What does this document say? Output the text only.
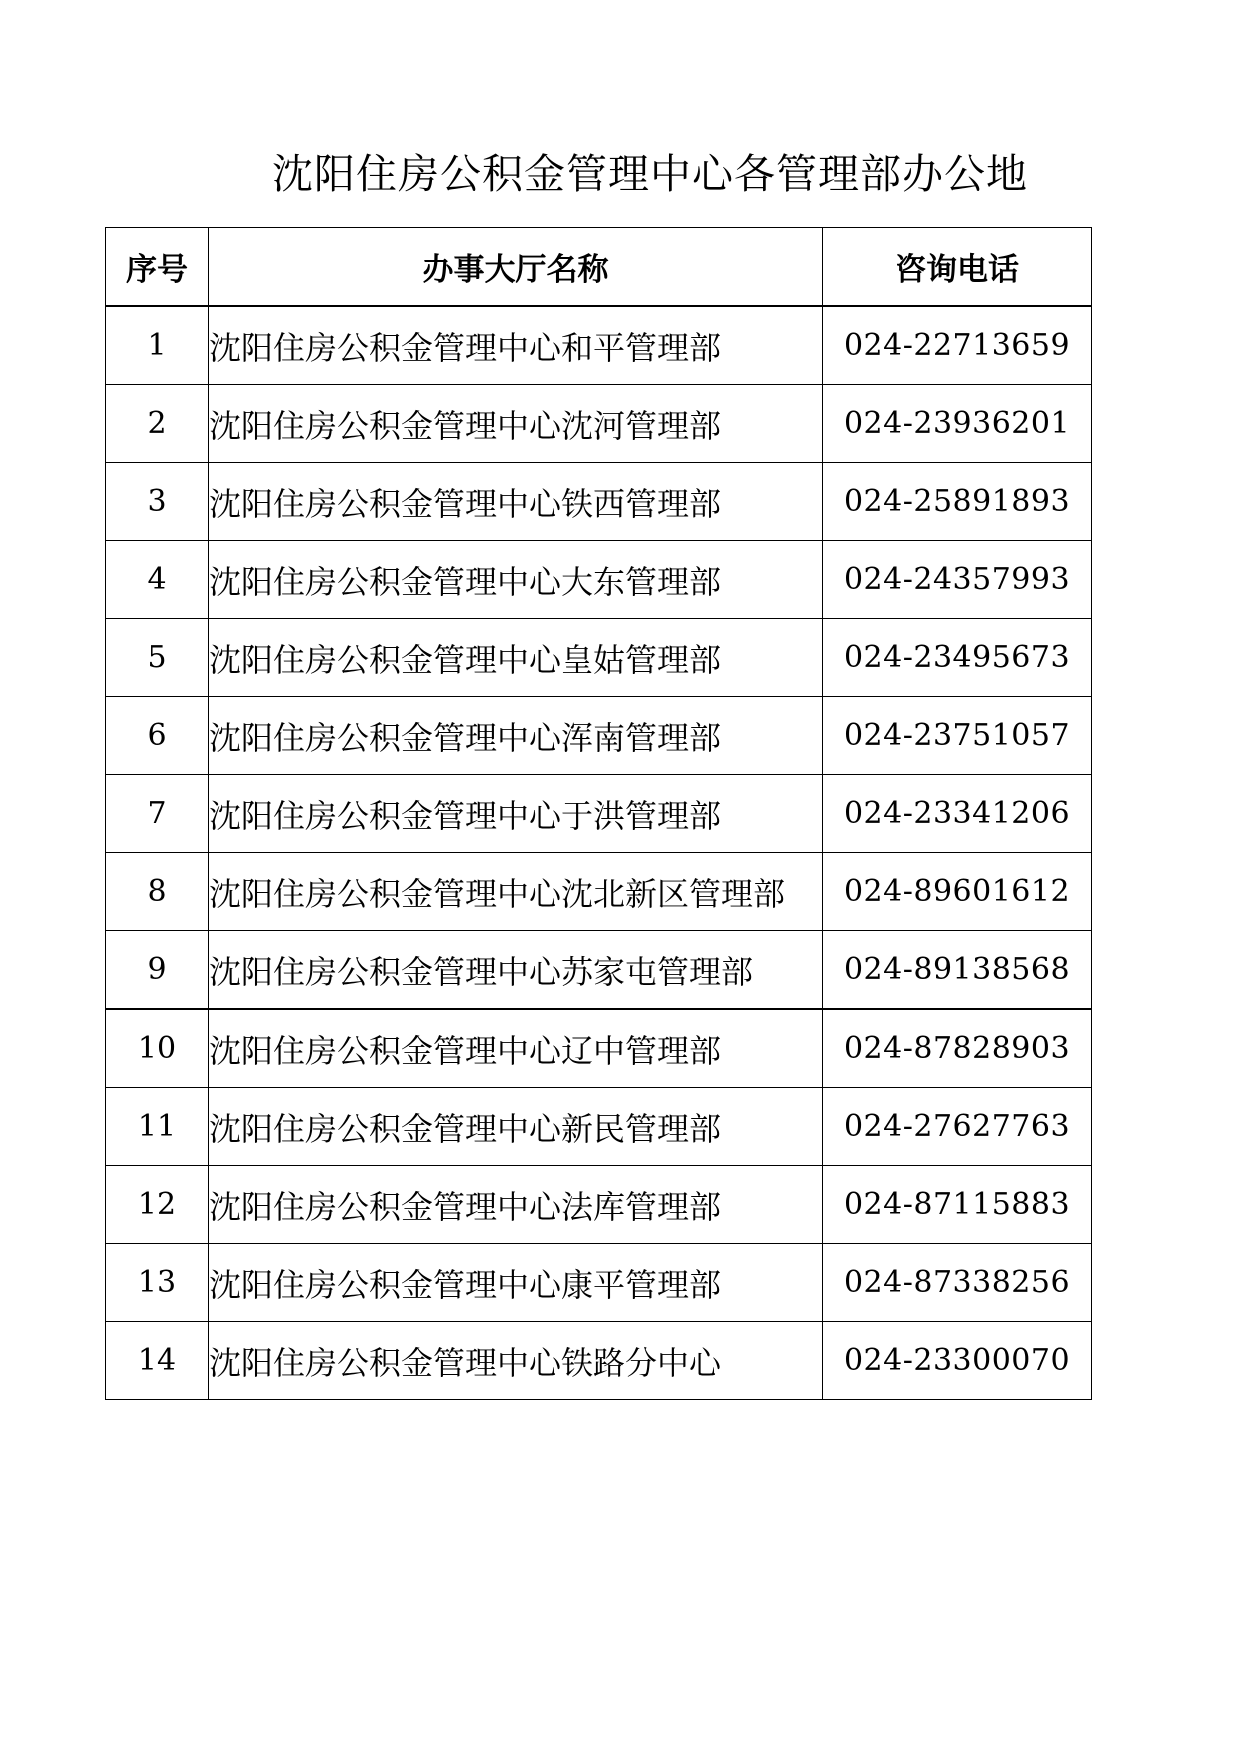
沈阳住房公积金管理中心各管理部办公地
序号	办事大厅名称	咨询电话
1	沈阳住房公积金管理中心和平管理部	024-22713659
2	沈阳住房公积金管理中心沈河管理部	024-23936201
3	沈阳住房公积金管理中心铁西管理部	024-25891893
4	沈阳住房公积金管理中心大东管理部	024-24357993
5	沈阳住房公积金管理中心皇姑管理部	024-23495673
6	沈阳住房公积金管理中心浑南管理部	024-23751057
7	沈阳住房公积金管理中心于洪管理部	024-23341206
8	沈阳住房公积金管理中心沈北新区管理部	024-89601612
9	沈阳住房公积金管理中心苏家屯管理部	024-89138568
10	沈阳住房公积金管理中心辽中管理部	024-87828903
11	沈阳住房公积金管理中心新民管理部	024-27627763
12	沈阳住房公积金管理中心法库管理部	024-87115883
13	沈阳住房公积金管理中心康平管理部	024-87338256
14	沈阳住房公积金管理中心铁路分中心	024-23300070
